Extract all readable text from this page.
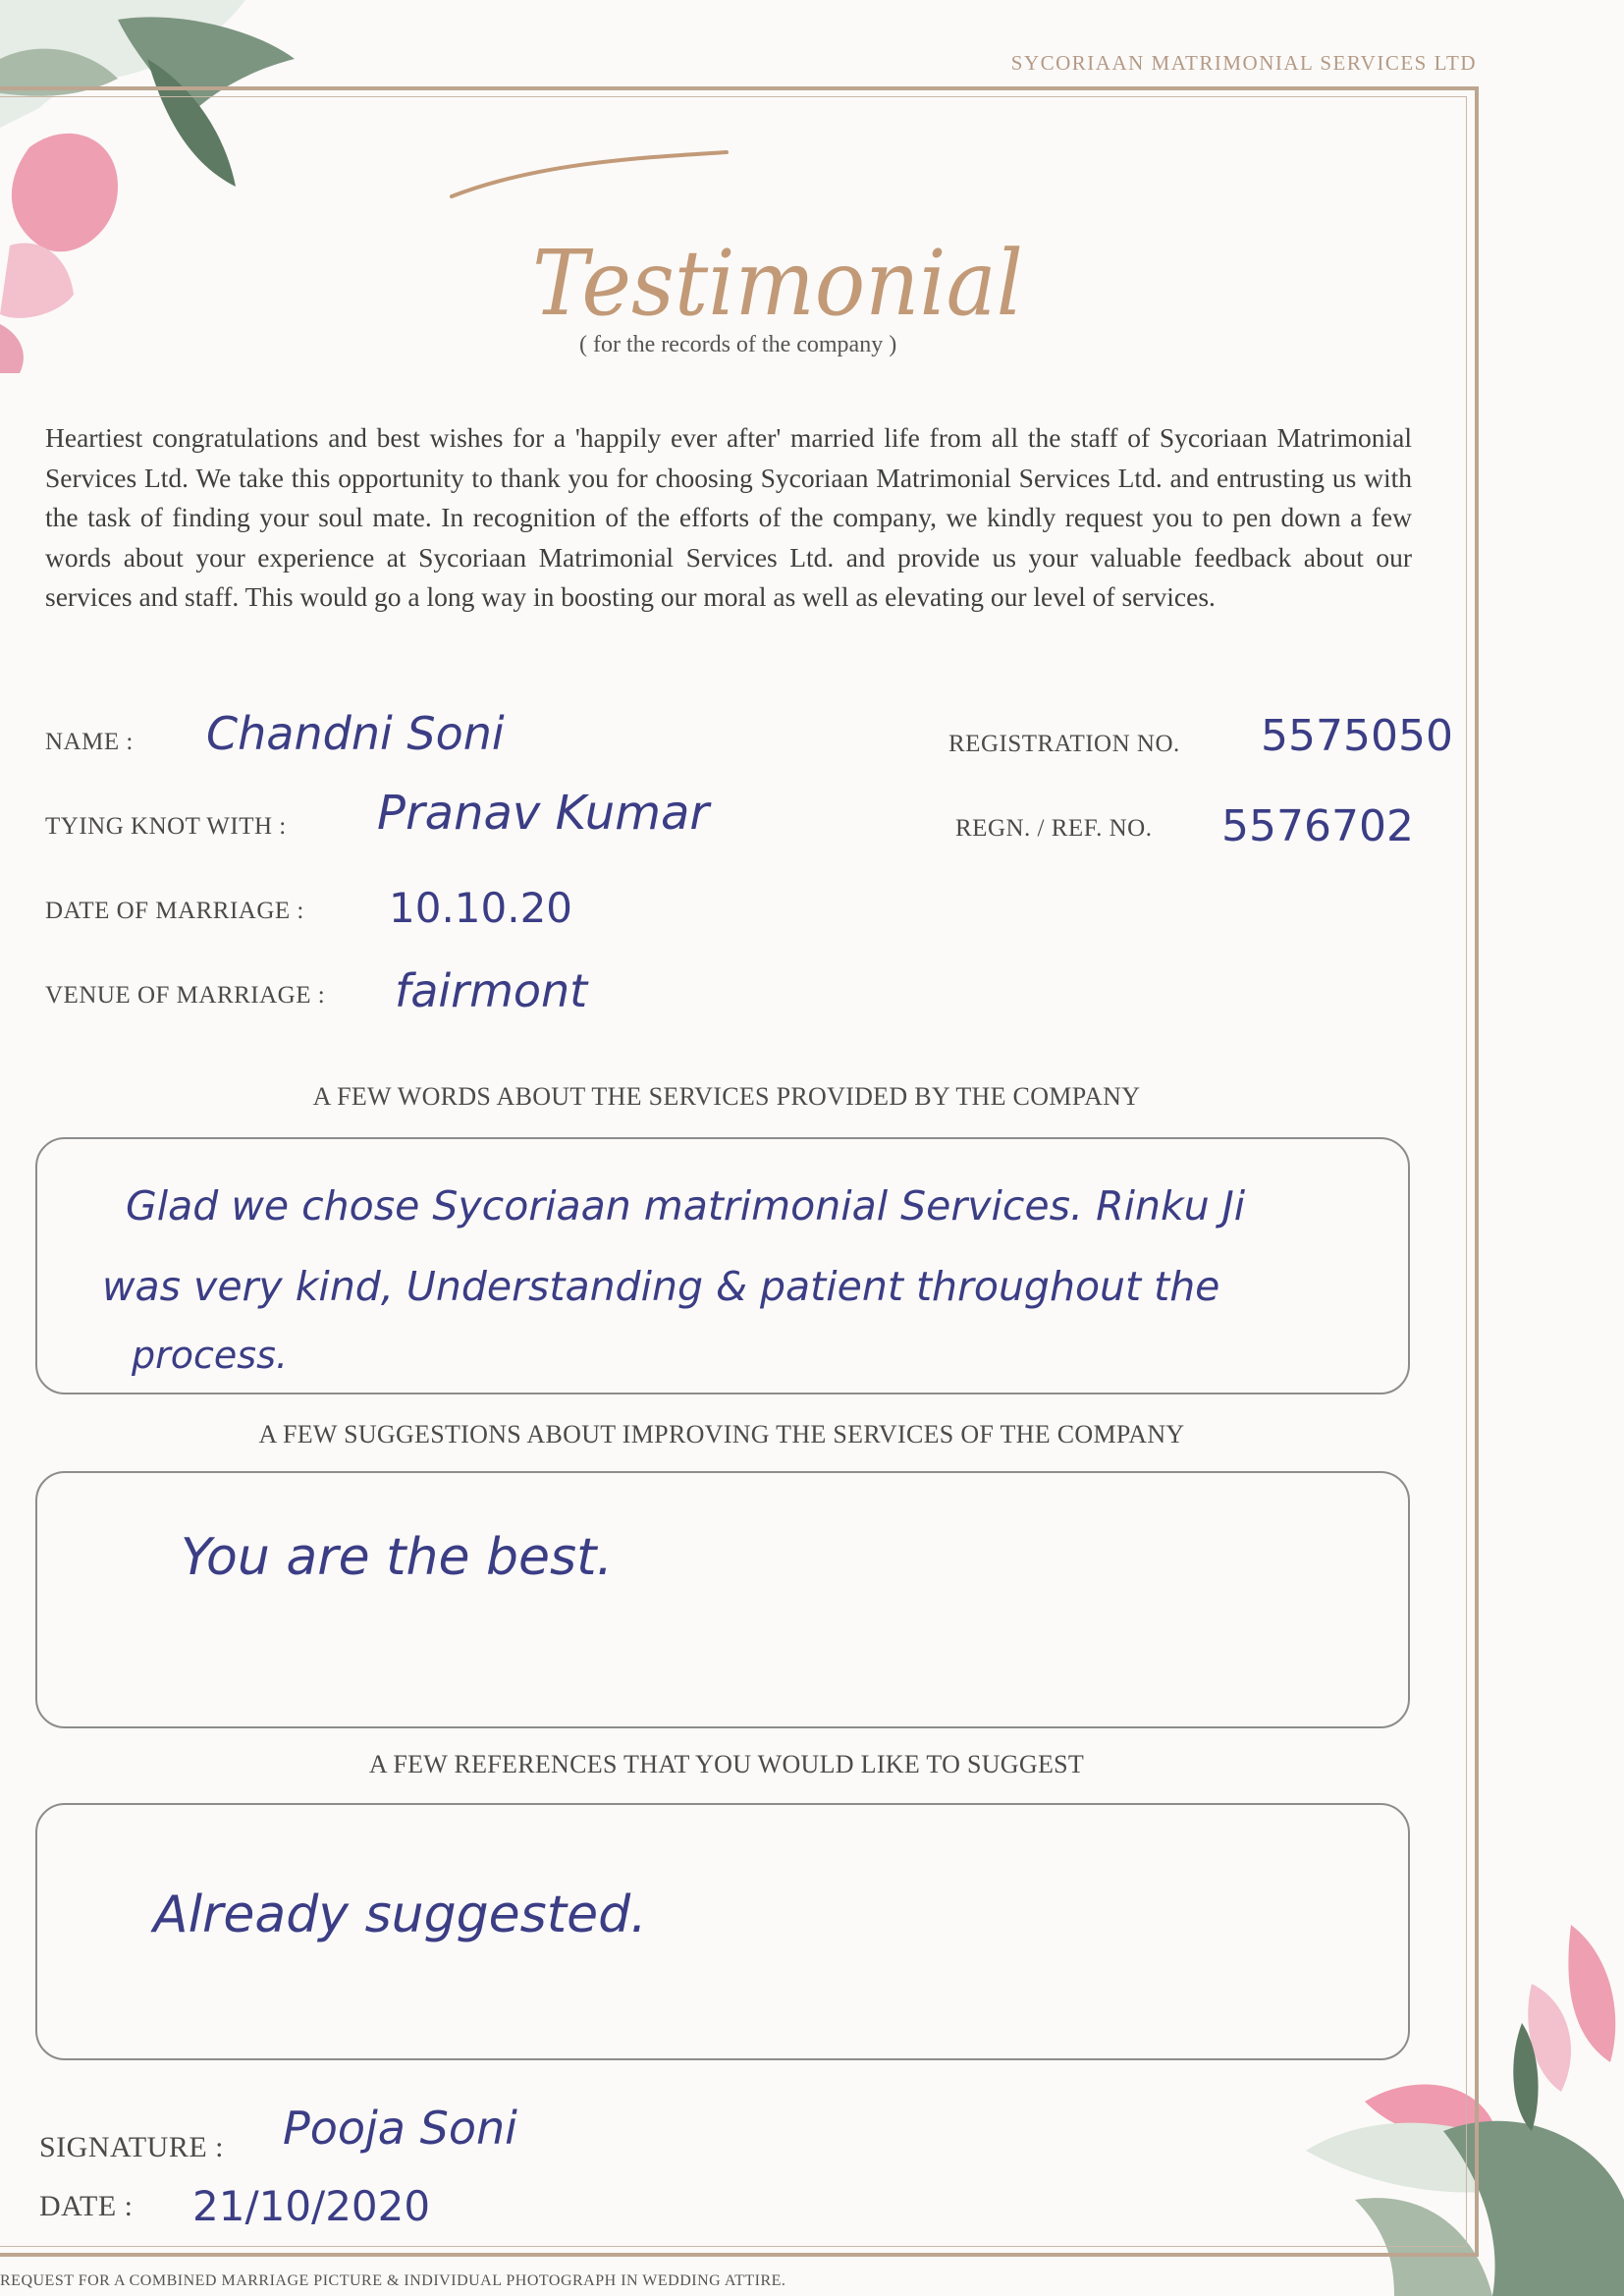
SYCORIAAN MATRIMONIAL SERVICES LTD
Testimonial
( for the records of the company )
Heartiest congratulations and best wishes for a 'happily ever after' married life from all the staff of Sycoriaan Matrimonial Services Ltd. We take this opportunity to thank you for choosing Sycoriaan Matrimonial Services Ltd. and entrusting us with the task of finding your soul mate. In recognition of the efforts of the company, we kindly request you to pen down a few words about your experience at Sycoriaan Matrimonial Services Ltd. and provide us your valuable feedback about our services and staff. This would go a long way in boosting our moral as well as elevating our level of services.
NAME : Chandni Soni	REGISTRATION NO. 5575050
TYING KNOT WITH : Pranav Kumar	REGN. / REF. NO. 5576702
DATE OF MARRIAGE : 10.10.20
VENUE OF MARRIAGE : fairmont
A FEW WORDS ABOUT THE SERVICES PROVIDED BY THE COMPANY
Glad we chose Sycoriaan matrimonial Services. Rinku Ji
was very kind, Understanding & patient throughout the
process.
A FEW SUGGESTIONS ABOUT IMPROVING THE SERVICES OF THE COMPANY
You are the best.
A FEW REFERENCES THAT YOU WOULD LIKE TO SUGGEST
Already suggested.
SIGNATURE : Pooja Soni
DATE : 21/10/2020
REQUEST FOR A COMBINED MARRIAGE PICTURE & INDIVIDUAL PHOTOGRAPH IN WEDDING ATTIRE.
